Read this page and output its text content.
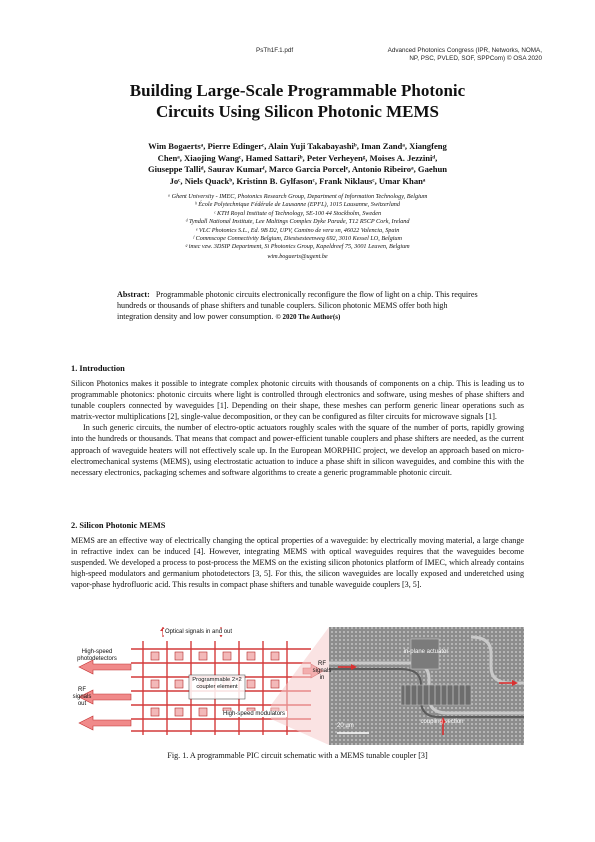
PsTh1F.1.pdf	Advanced Photonics Congress (IPR, Networks, NOMA,
NP, PSC, PVLED, SOF, SPPCom) © OSA 2020
Building Large-Scale Programmable Photonic
Circuits Using Silicon Photonic MEMS
Wim Bogaertsᵃ, Pierre Edingerᶜ, Alain Yuji Takabayashiᵇ, Iman Zandᵃ, Xiangfeng
Chenᵃ, Xiaojing Wangᶜ, Hamed Sattariᵇ, Peter Verheyenᵍ, Moises A. Jezziniᵈ,
Giuseppe Talliᵈ, Saurav Kumarᶠ, Marco Garcia Porcelᵉ, Antonio Ribeiroᵃ, Gaehun
Joᶜ, Niels Quackᵇ, Kristinn B. Gylfasonᶜ, Frank Niklausᶜ, Umar Khanᵃ
ᵃ Ghent University - IMEC, Photonics Research Group, Department of Information Technology, Belgium
ᵇ École Polytechnique Fédérale de Lausanne (EPFL), 1015 Lausanne, Switzerland
ᶜ KTH Royal Institute of Technology, SE-100 44 Stockholm, Sweden
ᵈ Tyndall National Institute, Lee Maltings Complex Dyke Parade, T12 R5CP Cork, Ireland
ᵉ VLC Photonics S.L., Ed. 9B D2, UPV, Camino de vera sn, 46022 Valencia, Spain
ᶠ Commscope Connectivity Belgium, Diestsesteenweg 692, 3010 Kessel LO, Belgium
ᵍ imec vzw. 3DSIP Department, Si Photonics Group, Kapeldreef 75, 3001 Leuven, Belgium
wim.bogaerts@ugent.be
Abstract: Programmable photonic circuits electronically reconfigure the flow of light on a chip. This requires hundreds or thousands of phase shifters and tunable couplers. Silicon photonic MEMS offer both high integration density and low power consumption. © 2020 The Author(s)
1. Introduction

Silicon Photonics makes it possible to integrate complex photonic circuits with thousands of components on a chip. This is leading us to programmable photonics: photonic circuits where light is controlled through electronics and software, using meshes of phase shifters and tunable couplers connected by waveguides [1]. Depending on their shape, these meshes can perform generic linear operations such as matrix-vector multiplications [2], single-value decomposition, or they can be configured as filter circuits for microwave signals [1].

In such generic circuits, the number of electro-optic actuators roughly scales with the square of the number of ports, rapidly growing into the hundreds or thousands. That means that compact and power-efficient tunable couplers and phase shifters are needed, as the current approach of waveguide heaters will not effectively scale up. In the European MORPHIC project, we develop an approach based on micro-electromechanical systems (MEMS), using electrostatic actuation to induce a phase shift in silicon waveguides, and combine this with the necessary electronics, packaging schemes and software algorithms to create a generic programmable photonic circuit.

2. Silicon Photonic MEMS

MEMS are an effective way of electrically changing the optical properties of a waveguide: by electrically moving material, a large change in refractive index can be induced [4]. However, integrating MEMS with optical waveguides requires that the waveguides become suspended. We developed a process to post-process the MEMS on the existing silicon photonics platform of IMEC, which already contains high-speed modulators and germanium photodetectors [3, 5]. For this, the silicon waveguides are locally exposed and underetched using vapor-phase hydrofluoric acid. This results in compact phase shifters and tunable waveguide couplers [3, 5].

Optical signals in and out
High-speed photodetectors
RF signals out
RF signals in
Programmable 2×2 coupler element
High-speed modulators
in-plane actuator
coupling section
20 µm
Fig. 1. A programmable PIC circuit schematic with a MEMS tunable coupler [3]
